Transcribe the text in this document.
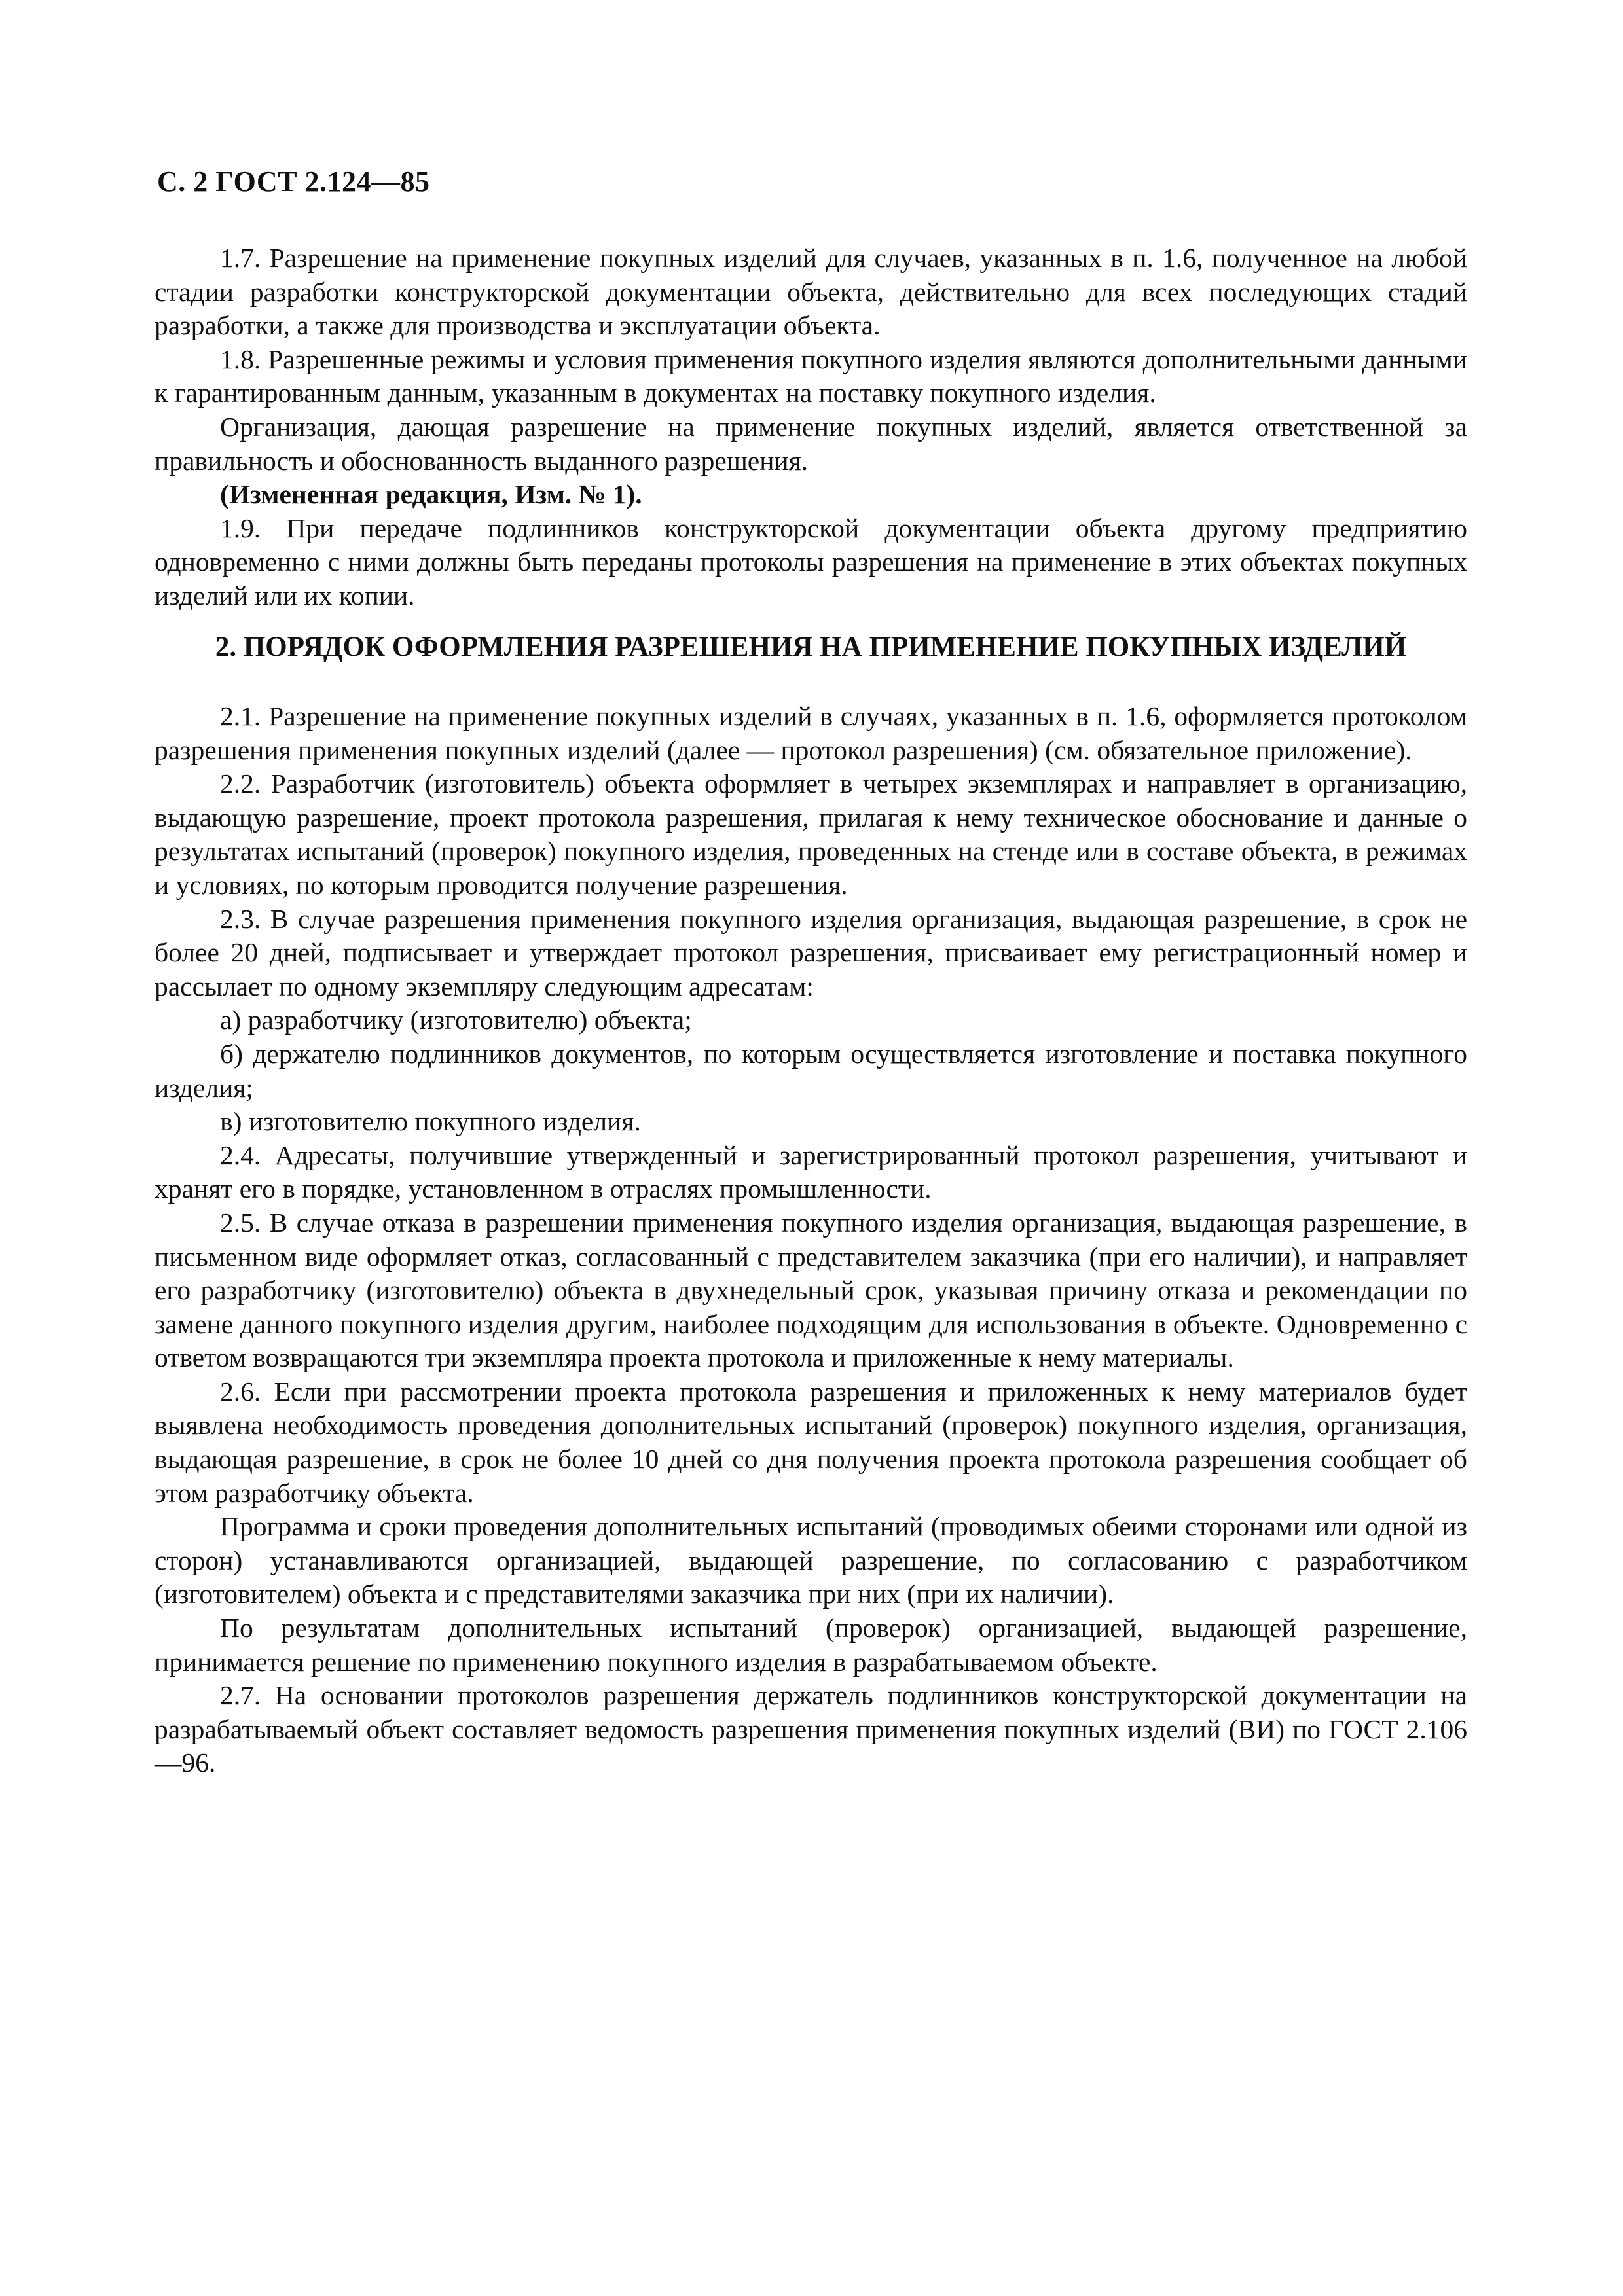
С. 2 ГОСТ 2.124—85

1.7. Разрешение на применение покупных изделий для случаев, указанных в п. 1.6, полученное на любой стадии разработки конструкторской документации объекта, действительно для всех последующих стадий разработки, а также для производства и эксплуатации объекта.

1.8. Разрешенные режимы и условия применения покупного изделия являются дополнительными данными к гарантированным данным, указанным в документах на поставку покупного изделия.

Организация, дающая разрешение на применение покупных изделий, является ответственной за правильность и обоснованность выданного разрешения.

(Измененная редакция, Изм. № 1).

1.9. При передаче подлинников конструкторской документации объекта другому предприятию одновременно с ними должны быть переданы протоколы разрешения на применение в этих объектах покупных изделий или их копии.

2. ПОРЯДОК ОФОРМЛЕНИЯ РАЗРЕШЕНИЯ НА ПРИМЕНЕНИЕ ПОКУПНЫХ ИЗДЕЛИЙ

2.1. Разрешение на применение покупных изделий в случаях, указанных в п. 1.6, оформляется протоколом разрешения применения покупных изделий (далее — протокол разрешения) (см. обязательное приложение).

2.2. Разработчик (изготовитель) объекта оформляет в четырех экземплярах и направляет в организацию, выдающую разрешение, проект протокола разрешения, прилагая к нему техническое обоснование и данные о результатах испытаний (проверок) покупного изделия, проведенных на стенде или в составе объекта, в режимах и условиях, по которым проводится получение разрешения.

2.3. В случае разрешения применения покупного изделия организация, выдающая разрешение, в срок не более 20 дней, подписывает и утверждает протокол разрешения, присваивает ему регистрационный номер и рассылает по одному экземпляру следующим адресатам:

а) разработчику (изготовителю) объекта;

б) держателю подлинников документов, по которым осуществляется изготовление и поставка покупного изделия;

в) изготовителю покупного изделия.

2.4. Адресаты, получившие утвержденный и зарегистрированный протокол разрешения, учитывают и хранят его в порядке, установленном в отраслях промышленности.

2.5. В случае отказа в разрешении применения покупного изделия организация, выдающая разрешение, в письменном виде оформляет отказ, согласованный с представителем заказчика (при его наличии), и направляет его разработчику (изготовителю) объекта в двухнедельный срок, указывая причину отказа и рекомендации по замене данного покупного изделия другим, наиболее подходящим для использования в объекте. Одновременно с ответом возвращаются три экземпляра проекта протокола и приложенные к нему материалы.

2.6. Если при рассмотрении проекта протокола разрешения и приложенных к нему материалов будет выявлена необходимость проведения дополнительных испытаний (проверок) покупного изделия, организация, выдающая разрешение, в срок не более 10 дней со дня получения проекта протокола разрешения сообщает об этом разработчику объекта.

Программа и сроки проведения дополнительных испытаний (проводимых обеими сторонами или одной из сторон) устанавливаются организацией, выдающей разрешение, по согласованию с разработчиком (изготовителем) объекта и с представителями заказчика при них (при их наличии).

По результатам дополнительных испытаний (проверок) организацией, выдающей разрешение, принимается решение по применению покупного изделия в разрабатываемом объекте.

2.7. На основании протоколов разрешения держатель подлинников конструкторской документации на разрабатываемый объект составляет ведомость разрешения применения покупных изделий (ВИ) по ГОСТ 2.106—96.
